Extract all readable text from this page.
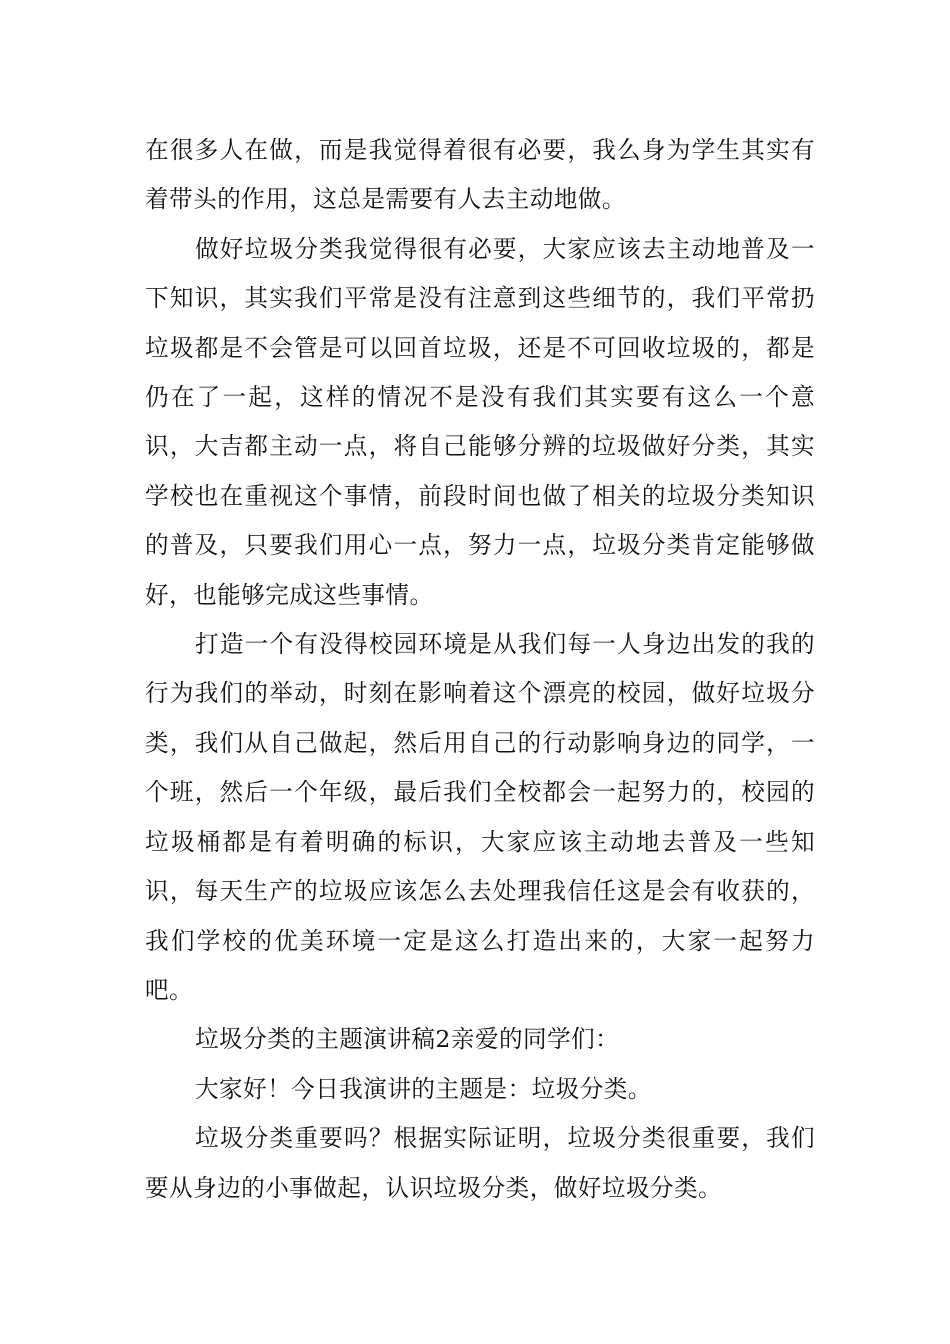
在很多人在做，而是我觉得着很有必要，我么身为学生其实有着带头的作用，这总是需要有人去主动地做。

做好垃圾分类我觉得很有必要，大家应该去主动地普及一下知识，其实我们平常是没有注意到这些细节的，我们平常扔垃圾都是不会管是可以回首垃圾，还是不可回收垃圾的，都是仍在了一起，这样的情况不是没有我们其实要有这么一个意识，大吉都主动一点，将自己能够分辨的垃圾做好分类，其实学校也在重视这个事情，前段时间也做了相关的垃圾分类知识的普及，只要我们用心一点，努力一点，垃圾分类肯定能够做好，也能够完成这些事情。

打造一个有没得校园环境是从我们每一人身边出发的我的行为我们的举动，时刻在影响着这个漂亮的校园，做好垃圾分类，我们从自己做起，然后用自己的行动影响身边的同学，一个班，然后一个年级，最后我们全校都会一起努力的，校园的垃圾桶都是有着明确的标识，大家应该主动地去普及一些知识，每天生产的垃圾应该怎么去处理我信任这是会有收获的，我们学校的优美环境一定是这么打造出来的，大家一起努力吧。

垃圾分类的主题演讲稿2亲爱的同学们：

大家好！今日我演讲的主题是：垃圾分类。

垃圾分类重要吗？根据实际证明，垃圾分类很重要，我们要从身边的小事做起，认识垃圾分类，做好垃圾分类。
